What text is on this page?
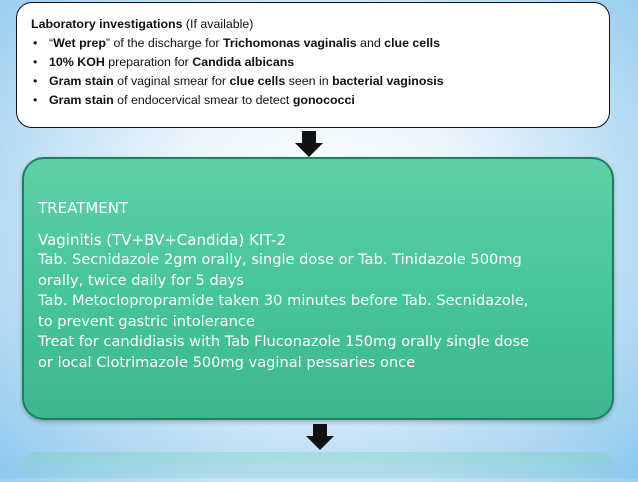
Laboratory investigations (If available)

• “Wet prep” of the discharge for Trichomonas vaginalis and clue cells
• 10% KOH preparation for Candida albicans
• Gram stain of vaginal smear for clue cells seen in bacterial vaginosis
• Gram stain of endocervical smear to detect gonococci

TREATMENT

Vaginitis (TV+BV+Candida) KIT-2

Tab. Secnidazole 2gm orally, single dose or Tab. Tinidazole 500mg

orally, twice daily for 5 days

Tab. Metoclopropramide taken 30 minutes before Tab. Secnidazole,

to prevent gastric intolerance

Treat for candidiasis with Tab Fluconazole 150mg orally single dose

or local Clotrimazole 500mg vaginal pessaries once
